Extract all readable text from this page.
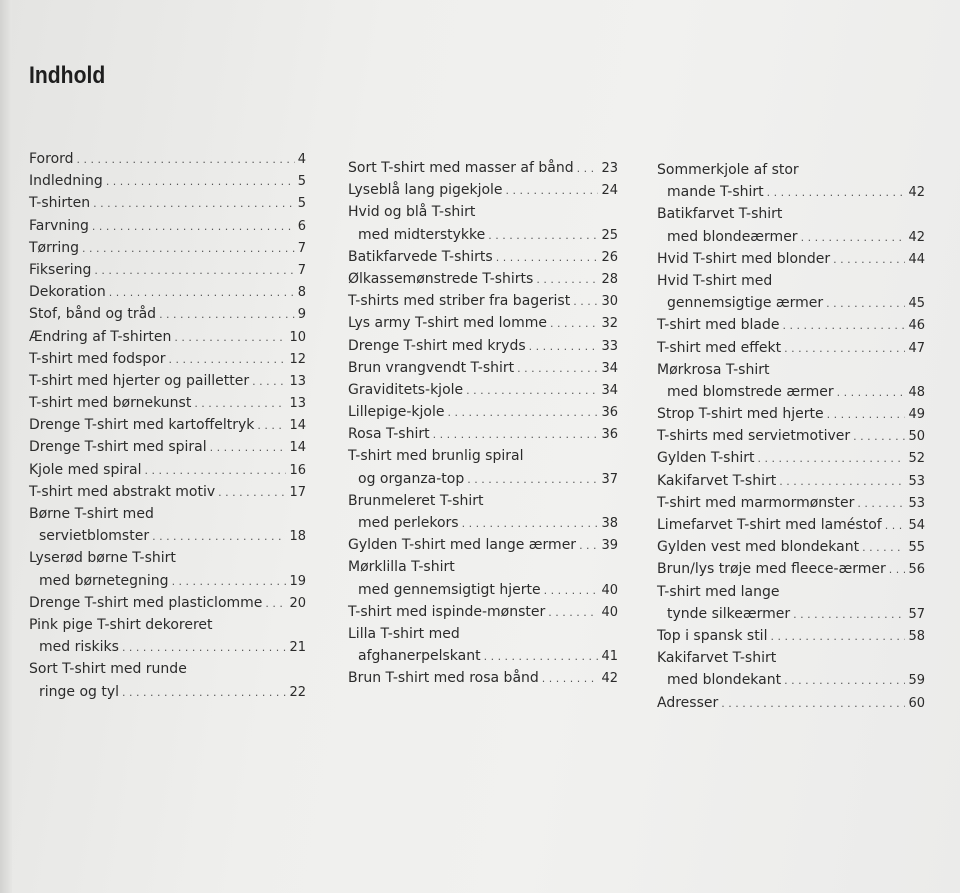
Indhold
Forord . . .	4
Indledning . . .	5
T-shirten . . .	5
Farvning . . .	6
Tørring . . .	7
Fiksering . . .	7
Dekoration . . .	8
Stof, bånd og tråd . . .	9
Ændring af T-shirten . . .	10
T-shirt med fodspor . . .	12
T-shirt med hjerter og pailletter . . .	13
T-shirt med børnekunst . . .	13
Drenge T-shirt med kartoffeltryk . . .	14
Drenge T-shirt med spiral . . .	14
Kjole med spiral . . .	16
T-shirt med abstrakt motiv . . .	17
Børne T-shirt med
servietblomster . . .	18
Lyserød børne T-shirt
med børnetegning . . .	19
Drenge T-shirt med plasticlomme . . . 20
Pink pige T-shirt dekoreret
med riskiks . . .	21
Sort T-shirt med runde
ringe og tyl . . .	22
Sort T-shirt med masser af bånd . . . 23
Lyseblå lang pigekjole . . .	24
Hvid og blå T-shirt
med midterstykke . . .	25
Batikfarvede T-shirts . . .	26
Ølkassemønstrede T-shirts . . .	28
T-shirts med striber fra bagerist . . . 30
Lys army T-shirt med lomme . . .	32
Drenge T-shirt med kryds . . .	33
Brun vrangvendt T-shirt . . .	34
Graviditets-kjole . . .	34
Lillepige-kjole . . .	36
Rosa T-shirt . . .	36
T-shirt med brunlig spiral
og organza-top . . .	37
Brunmeleret T-shirt
med perlekors . . .	38
Gylden T-shirt med lange ærmer . . . 39
Mørklilla T-shirt
med gennemsigtigt hjerte . . .	40
T-shirt med ispinde-mønster . . .	40
Lilla T-shirt med
afghanerpelskant . . .	41
Brun T-shirt med rosa bånd . . .	42
Sommerkjole af stor
mande T-shirt . . .	42
Batikfarvet T-shirt
med blondeærmer . . .	42
Hvid T-shirt med blonder . . .	44
Hvid T-shirt med
gennemsigtige ærmer . . .	45
T-shirt med blade . . .	46
T-shirt med effekt . . .	47
Mørkrosa T-shirt
med blomstrede ærmer . . .	48
Strop T-shirt med hjerte . . .	49
T-shirts med servietmotiver . . .	50
Gylden T-shirt . . .	52
Kakifarvet T-shirt . . .	53
T-shirt med marmormønster . . .	53
Limefarvet T-shirt med laméstof . . . 54
Gylden vest med blondekant . . .	55
Brun/lys trøje med fleece-ærmer . . . 56
T-shirt med lange
tynde silkeærmer . . .	57
Top i spansk stil . . .	58
Kakifarvet T-shirt
med blondekant . . .	59
Adresser . . .	60
